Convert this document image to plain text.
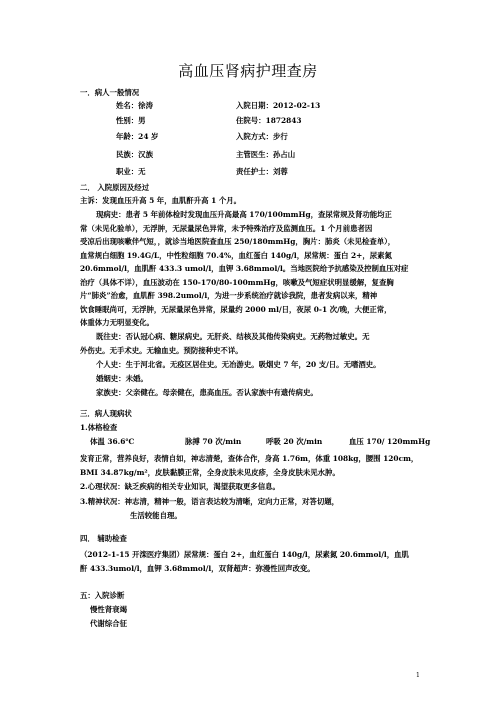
高血压肾病护理查房
一．病人一般情况
姓名：徐涛	入院日期：2012-02-13
性别：男	住院号：1872843
年龄：24 岁	入院方式：步行
民族：汉族	主管医生：孙占山
职业：无	责任护士：刘蓉
二． 入院原因及经过
主诉：发现血压升高 5 年，血肌酐升高 1 个月。
现病史：患者 5 年前体检时发现血压升高最高 170/100mmHg，查尿常规及肾功能均正
常（未见化验单），无浮肿，无尿量尿色异常，未予特殊治疗及监测血压。1 个月前患者因
受凉后出现咳嗽伴气短，，就诊当地医院查血压 250/180mmHg，胸片：肺炎（未见检查单），
血常规白细胞 19.4G/L，中性粒细胞 70.4%，血红蛋白 140g/l，尿常规：蛋白 2+，尿素氮
20.6mmol/l，血肌酐 433.3 umol/l，血钾 3.68mmol/l。当地医院给予抗感染及控制血压对症
治疗（具体不详），血压波动在 150-170/80-100mmHg，咳嗽及气短症状明显缓解，复查胸
片“肺炎”治愈，血肌酐 398.2umol/l，为进一步系统治疗就诊我院，患者发病以来，精神
饮食睡眠尚可，无浮肿，无尿量尿色异常，尿量约 2000 ml/日，夜尿 0-1 次/晚，大便正常，
体重体力无明显变化。
既往史：否认冠心病、糖尿病史。无肝炎、结核及其他传染病史。无药物过敏史。无
外伤史。无手术史。无输血史。预防接种史不详。
个人史：生于河北省。无疫区居住史。无冶游史。吸烟史 7 年，20 支/日。无嗜酒史。
婚姻史：未婚。
家族史：父亲健在。母亲健在，患高血压。否认家族中有遗传病史。
三．病人现病状
1.体格检查
体温 36.6℃	脉搏 70 次/min	呼吸 20 次/min	血压 170/ 120mmHg
发育正常，营养良好，表情自如，神志清楚，查体合作，身高 1.76m，体重 108kg，腰围 120cm，
BMI 34.87kg/m²，皮肤黏膜正常，全身皮肤未见皮疹，全身皮肤未见水肿。
2.心理状况：缺乏疾病的相关专业知识，渴望获取更多信息。
3.精神状况：神志清，精神一般，语言表达较为清晰，定向力正常，对答切题，
生活较能自理。
四． 辅助检查
（2012-1-15 开滦医疗集团）尿常规：蛋白 2+，血红蛋白 140g/l，尿素氮 20.6mmol/l，血肌
酐 433.3umol/l，血钾 3.68mmol/l，双肾超声：弥漫性回声改变。
五：入院诊断
慢性肾衰竭
代谢综合征
1
